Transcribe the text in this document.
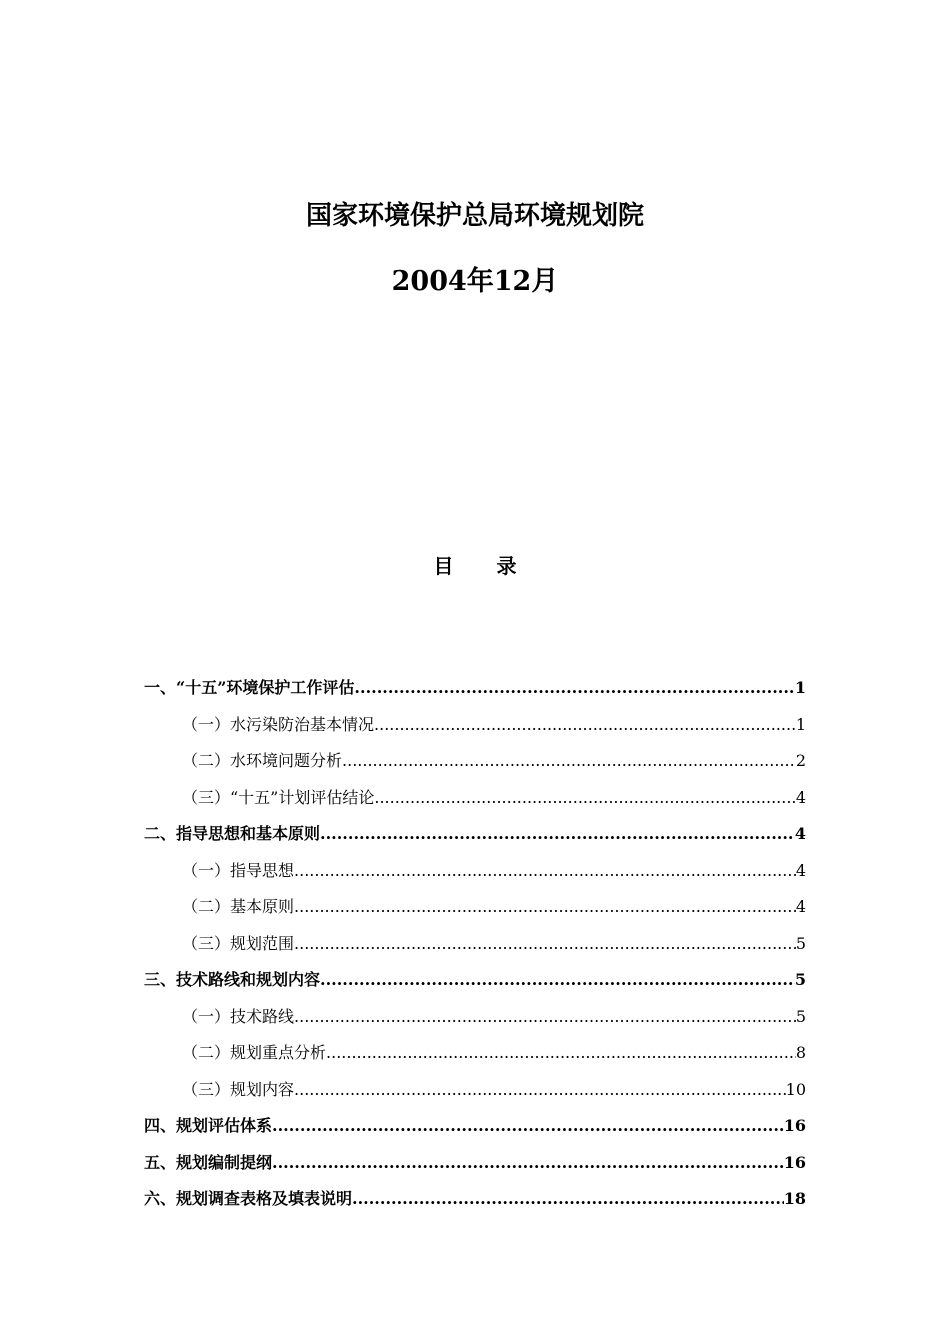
国家环境保护总局环境规划院
2004年12月
目 录
一、“十五”环境保护工作评估 .....	1
（一）水污染防治基本情况 .....	1
（二）水环境问题分析 .....	2
（三）“十五”计划评估结论 .....	4
二、指导思想和基本原则 .....	4
（一）指导思想 .....	4
（二）基本原则 .....	4
（三）规划范围 .....	5
三、技术路线和规划内容 .....	5
（一）技术路线 .....	5
（二）规划重点分析 .....	8
（三）规划内容 .....	10
四、规划评估体系 .....	16
五、规划编制提纲 .....	16
六、规划调查表格及填表说明 .....	18
